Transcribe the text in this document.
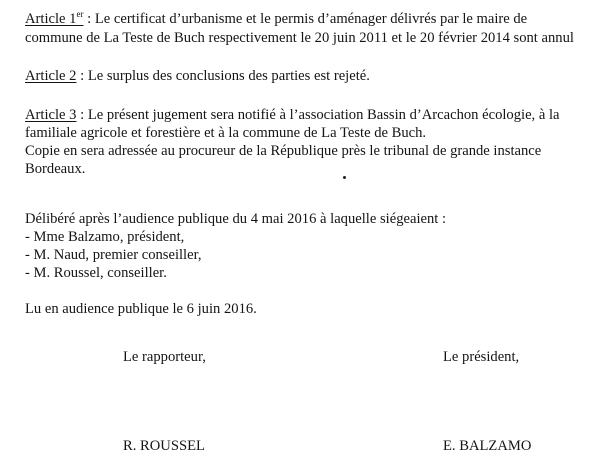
Article 1er : Le certificat d’urbanisme et le permis d’aménager délivrés par le maire de
commune de La Teste de Buch respectivement le 20 juin 2011 et le 20 février 2014 sont annul
Article 2 : Le surplus des conclusions des parties est rejeté.
Article 3 : Le présent jugement sera notifié à l’association Bassin d’Arcachon écologie, à la
familiale agricole et forestière et à la commune de La Teste de Buch.
Copie en sera adressée au procureur de la République près le tribunal de grande instance
Bordeaux.
Délibéré après l’audience publique du 4 mai 2016 à laquelle siégeaient :
- Mme Balzamo, président,
- M. Naud, premier conseiller,
- M. Roussel, conseiller.
Lu en audience publique le 6 juin 2016.
Le rapporteur,	Le président,
R. ROUSSEL	E. BALZAMO
